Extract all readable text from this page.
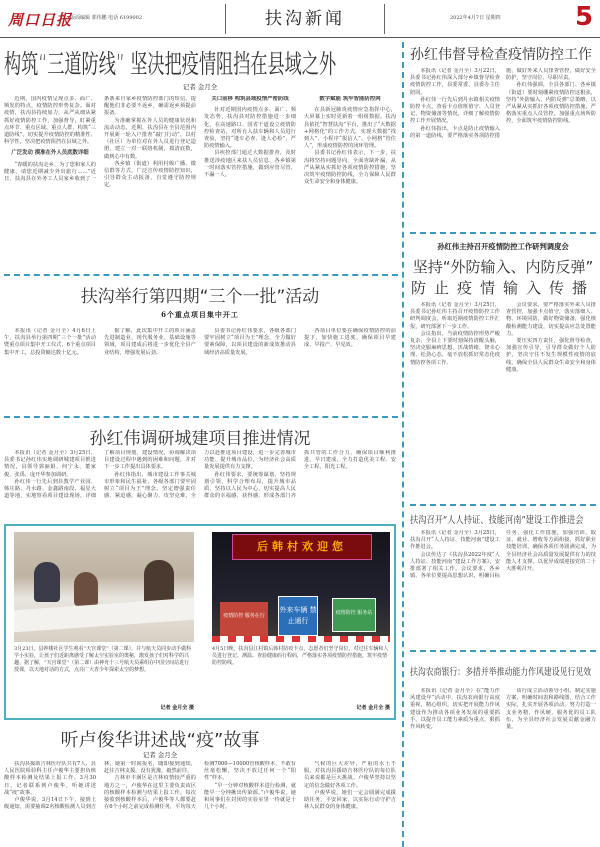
周口日报
版面编辑 郭伟鹏 电话 6199002	扶沟新闻	2022年4月7日 星期四	5
构筑“三道防线” 坚决把疫情阻挡在县域之外
记者 金月全

近期，国内疫情呈现点多、面广、频发的特点，疫情防控形势复杂。面对疫情，扶沟县持续加力，从严从细从紧抓好疫情防控工作，加强督导，盯紧重点环节、重点区域、重点人群，构筑“三道防线”，切实提升疫情防控的精准性、科学性，坚决把疫情阻挡在县域之外。

广泛发动 摸准在外人员底数详细

“春暖的扶沟走乡，为了您和家人的健康，请您近期减少外出旅行……”近日，扶沟县在外务工人员家乡收到了一条条来自家乡疫情防控部门的短信。提醒他们非必要不返乡，确需返乡须提前报备。

为准确掌握在外人员的健康状况和流动动态，近期，扶沟县在全县范围内开展新一轮入户排查“敲门行动”，以村（社区）为单位对在外人员进行登记造册，建立一对一联络机制，摸清底数，做到心中有数。

各乡镇（街道）利用村级广播、微信群等方式，广泛宣传疫情防控知识，引导群众主动报备，自觉遵守防控规定。

关口前移 构筑县域疫情严密防线

针对近期国内疫情点多、面广、频发态势，扶沟县对防控措施进一步细化，在高速路口、国省干道设立疫情防控检查站，对所有入扶车辆和人员进行查验，坚持“逢车必查、逢人必检”，严防疫情输入。

县疾控部门通过大数据排查，及时推送涉疫地区来扶人员信息，各乡镇第一时间落实管控措施，做到应管尽管，不漏一人。

数字赋能 筑牢智能防控网

在县新冠肺炎疫情应急指挥中心，大屏幕上实时更新着一组组数据。扶沟县依托“智慧扶沟”平台，推出了“大数据+网格化”的工作方式，实现大数据“找到人”、小程序“报信人”、小网格“管住人”，形成疫情防控的闭环管理。

县委书记孙红伟表示，下一步，扶沟将坚持问题导向，全面查缺补漏，从严从紧从实抓好各项疫情防控措施，坚决筑牢疫情防控防线，全力保障人民群众生命安全和身体健康。

扶沟举行第四期“三个一批”活动
6个重点项目集中开工

本报讯（记者 金月全）4月6日上午，扶沟县举行第四期“三个一批”活动暨重点项目集中开工仪式，6个重点项目集中开工，总投资额达数十亿元。

据了解，此次集中开工的项目涵盖先进制造业、现代服务业、基础设施等领域，项目建成后将进一步优化全县产业结构，增强发展后劲。

县委书记孙红伟要求，各级各部门要牢固树立“项目为王”理念，全力做好要素保障，以项目建设的新成效推动县域经济高质量发展。

各项目单位要在确保疫情防控的前提下，加快施工进度，确保项目早建成、早投产、早见效。

孙红伟调研城建项目推进情况

本报讯（记者 金月全）3月25日，县委书记孙红伟实地调研城建项目推进情况，县领导郭丽娟、何宁永、董家俊、张禹、庞开华参加调研。

孙红伟一行先后到县教学产业园、韩庄路、丹水路、金鑫路南段、福星大道等地，实地察看项目建设现场，详细了解项目规划、建设情况，协调解决项目建设过程中遇到的困难和问题，并对下一步工作提出具体要求。

孙红伟指出，城市建设工作事关城市形象和民生福祉，各级各部门要牢固树立“项目为王”理念，坚定增强责任感、紧迫感，凝心聚力、攻坚克难，全力以赴推进项目建设，进一步完善城市功能、提升城市品位，为经济社会高质量发展提供有力支撑。

孙红伟要求，要统筹谋划，坚持规划引领，科学合理布局，提升城市品质，坚持以人民为中心，切实提高人民群众的幸福感、获得感，形成各部门齐抓共管的工作合力，确保项目顺利推进、早日建成，全力打造优美工程、安全工程、阳光工程。

3月23日，县钟楼社区学生观看“天宫课堂”（第二课），并与航天员同步动手做科学小实验，让孩子们近距离感受了解太空实验室的奥秘，激发孩子们对科学的兴趣。据了解，“天宫课堂”（第二课）由神舟十三号航天员乘组在中国空间站进行授课，以天地对话的方式，点亮广大青少年探索太空的梦想。
记者 金月全 摄
后韩村欢迎您
疫情防控 服务在行
外来车辆 禁止通行
疫情防控 服务站
4月5日晚，扶沟县江村镇后韩村防疫卡点，志愿者们坚守岗位，对过往车辆和人员进行登记、测温、查验健康码行程码，严格落实各项疫情防控措施，筑牢疫情防控防线。
记者 金月全 摄
听卢俊华讲述战“疫”故事
记者 金月全

扶沟县援助吉林医疗队共有7人，县人民医院检验科主任卢俊华主要担负核酸样本检测及结果上报工作。3月30日，记者联系到卢俊华，听她讲述战“疫”故事。

卢俊华说，3月14日下午，接到上级通知，需要抽调2名核酸检测人员到吉林，她第一时间报名，随即接到通知，赶往吉林支援，没有犹豫，毅然前往。

吉林市丰满区是吉林疫情较严重的地方之一，卢俊华在这里主要负责该区的核酸样本检测与结果上报工作。每次接收到核酸样本后，卢俊华等人都要赶在6个小时之前完成检测任务，平均每天检测7000—10000管核酸样本，不敢有丝毫松懈，坚决不放过任何一个“阳性”样本。

“早一分钟对核酸样本进行检测，就能早一分钟揪出传染源。”卢俊华说，她和同事们在封闭的实验室里一待就是十几个小时。

气候的巨大差异，严重的水土不服，对扶沟县援助吉林医疗队的每位队员来说都是巨大挑战。卢俊华坚持以坚定的信念做好各项工作。

卢俊华说，她们一定会圆满完成援助任务，平安回家，以实际行动守护吉林人民群众的身体健康。

孙红伟督导检查疫情防控工作

本报讯（记者 金月全）3月22日，县委书记孙红伟深入部分乡镇督导检查疫情防控工作，县委常委、县委办主任陪同。

孙红伟一行先后到丹水镇相关疫情防控卡点，查看卡点值班值守、人员登记、物资储备等情况，详细了解疫情防控工作开展情况。

孙红伟指出，卡点是防止疫情输入的第一道防线，要严格落实各项防控措施，做好外来人员排查管控，做好安全防护，坚守岗位、尽职尽责。

孙红伟强调，全县各部门、各乡镇（街道）要时刻绷紧疫情防控这根弦，坚持“外防输入、内防反弹”总策略，以严从紧从实抓好各项疫情防控措施，严格落实重点人员管控，加强重点场所防控，全面筑牢疫情防控防线。

孙红伟主持召开疫情防控工作研判调度会
坚持“外防输入、内防反弹”
防止疫情输入传播

本报讯（记者 金月全）3月25日，县委书记孙红伟主持召开疫情防控工作研判调度会，听取近期疫情防控工作汇报，研究部署下一步工作。

会议指出，当前疫情防控形势严峻复杂，全县上下要时刻保持清醒头脑，坚决克服麻痹思想、厌战情绪、侥幸心理、松劲心态，毫不放松抓好常态化疫情防控各项工作。

会议要求，要严格落实外来人员排查管控，加强卡点值守，落实落细人、物、环境同防，做好物资储备，强化核酸检测能力建设，切实提高应急处置能力。

要压实四方责任，强化督导检查，加强宣传引导，引导群众做好个人防护，坚决守住不发生规模性疫情的底线，确保全县人民群众生命安全和身体健康。

扶沟召开“人人持证、技能河南”建设工作推进会

本报讯（记者 金月全）3月25日，扶沟召开“人人持证、技能河南”建设工作推进会。

会议传达了《扶沟县2022年度“人人持证、技能河南”建设工作方案》，安排部署了相关工作。会议要求，各乡镇、各单位要提高思想认识，明确目标任务，强化工作措施，加强培训、取证、就业、增收等方面衔接，抓好职业技能培训，确保各项任务圆满完成，为全县经济社会高质量发展提供有力的技能人才支撑，以优异成绩迎接党的二十大胜利召开。

扶沟农商银行：多措并举推动能力作风建设见行见效

本报讯（记者 金月全）在“能力作风建设年”活动中，扶沟农商银行高度重视，精心组织，切实把开展能力作风建设作为推动各项业务发展的重要抓手，以提升员工能力素质为重点，狠抓作风转变。

该行成立活动领导小组，制定实施方案，明确时间表和路线图，结合工作实际，扎实开展各项活动，努力打造一支业务精、作风硬、服务优的员工队伍，为全县经济社会发展贡献金融力量。
